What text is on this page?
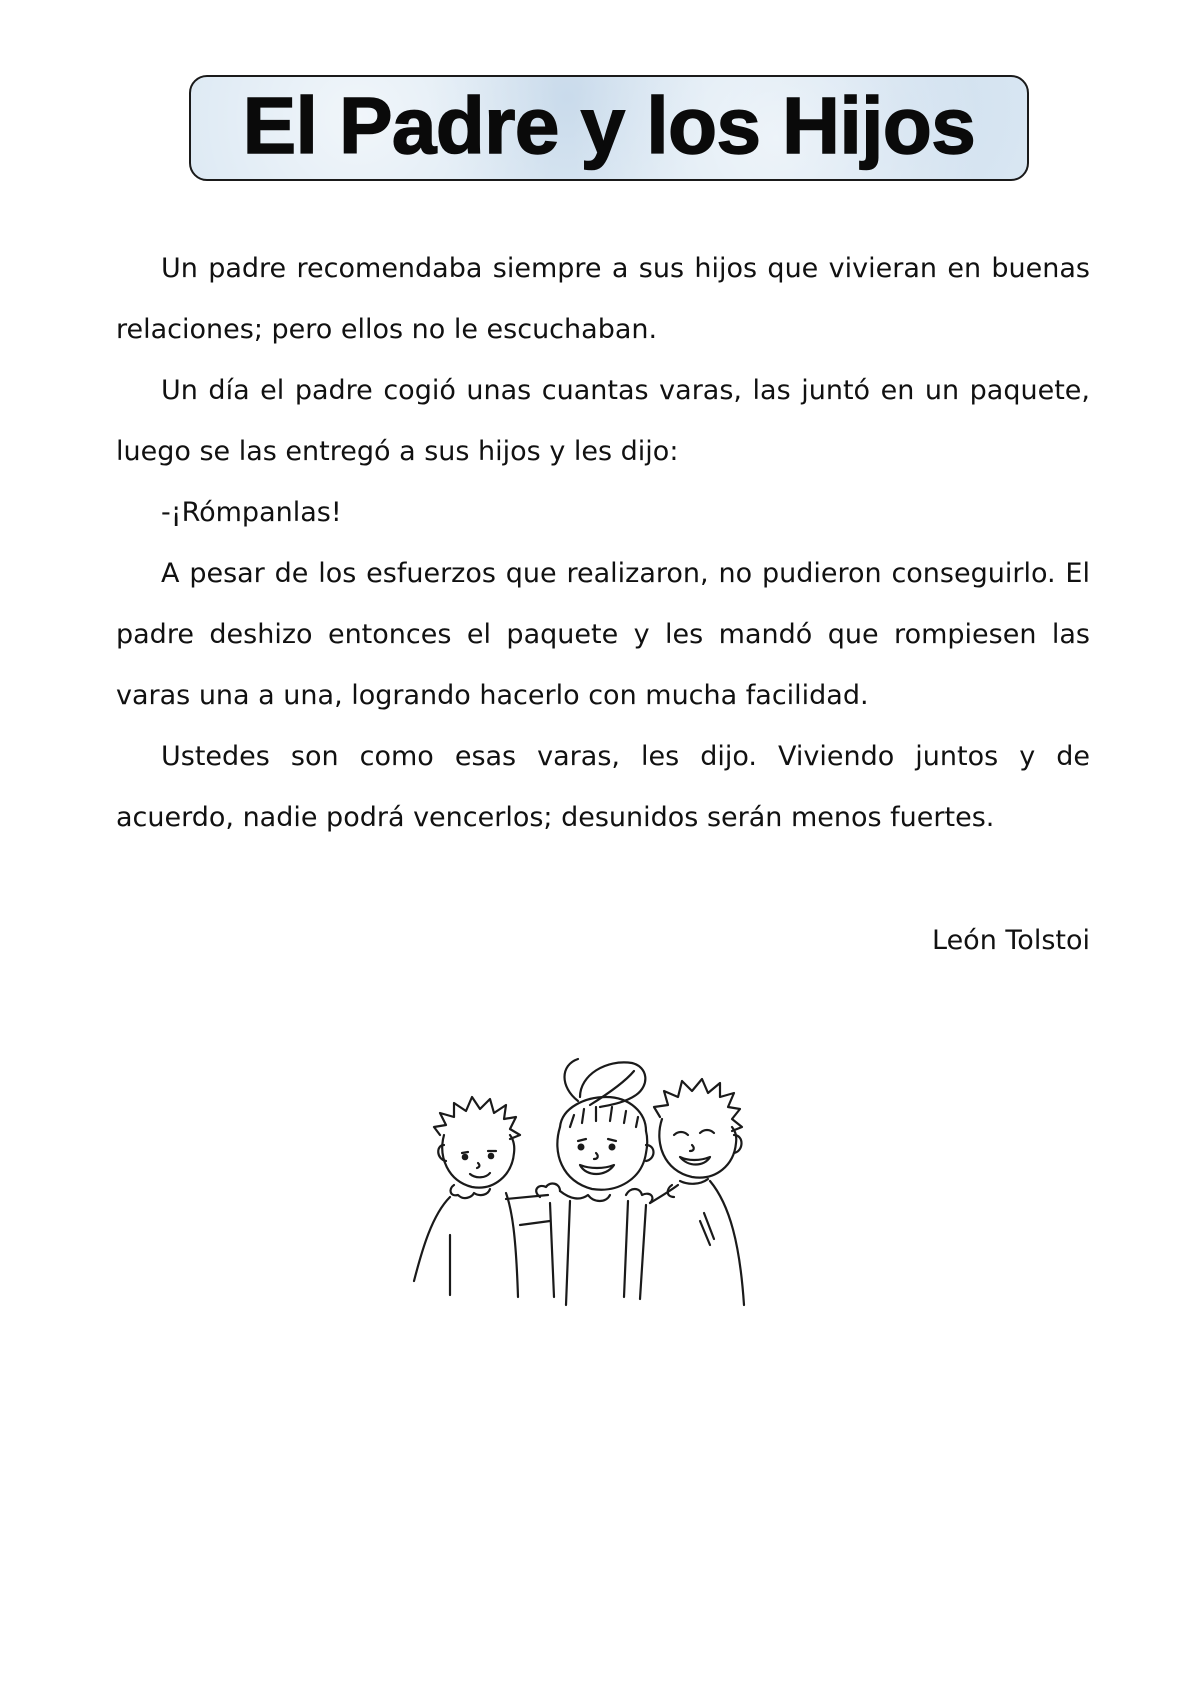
El Padre y los Hijos

Un padre recomendaba siempre a sus hijos que vivieran en buenas relaciones; pero ellos no le escuchaban.

Un día el padre cogió unas cuantas varas, las juntó en un paquete, luego se las entregó a sus hijos y les dijo:

-¡Rómpanlas!

A pesar de los esfuerzos que realizaron, no pudieron conseguirlo. El padre deshizo entonces el paquete y les mandó que rompiesen las varas una a una, logrando hacerlo con mucha facilidad.

Ustedes son como esas varas, les dijo. Viviendo juntos y de acuerdo, nadie podrá vencerlos; desunidos serán menos fuertes.

León Tolstoi
